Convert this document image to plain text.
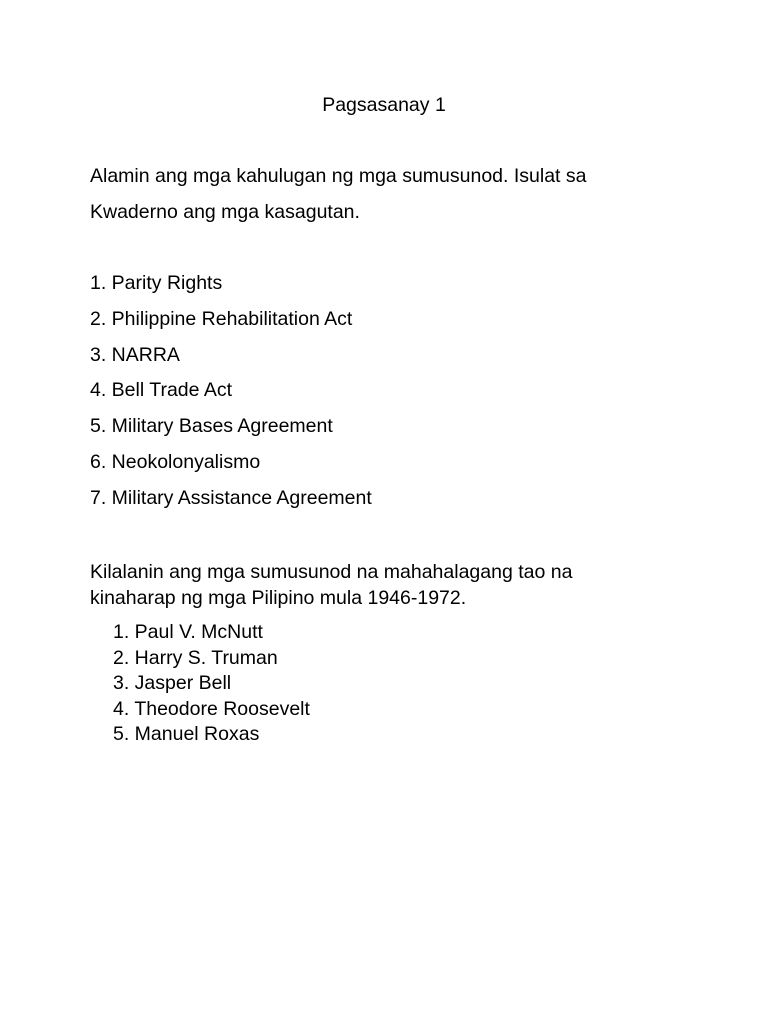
Pagsasanay 1
Alamin ang mga kahulugan ng mga sumusunod. Isulat sa
Kwaderno ang mga kasagutan.
1. Parity Rights
2. Philippine Rehabilitation Act
3. NARRA
4. Bell Trade Act
5. Military Bases Agreement
6. Neokolonyalismo
7. Military Assistance Agreement
Kilalanin ang mga sumusunod na mahahalagang tao na
kinaharap ng mga Pilipino mula 1946-1972.
1. Paul V. McNutt
2. Harry S. Truman
3. Jasper Bell
4. Theodore Roosevelt
5. Manuel Roxas
